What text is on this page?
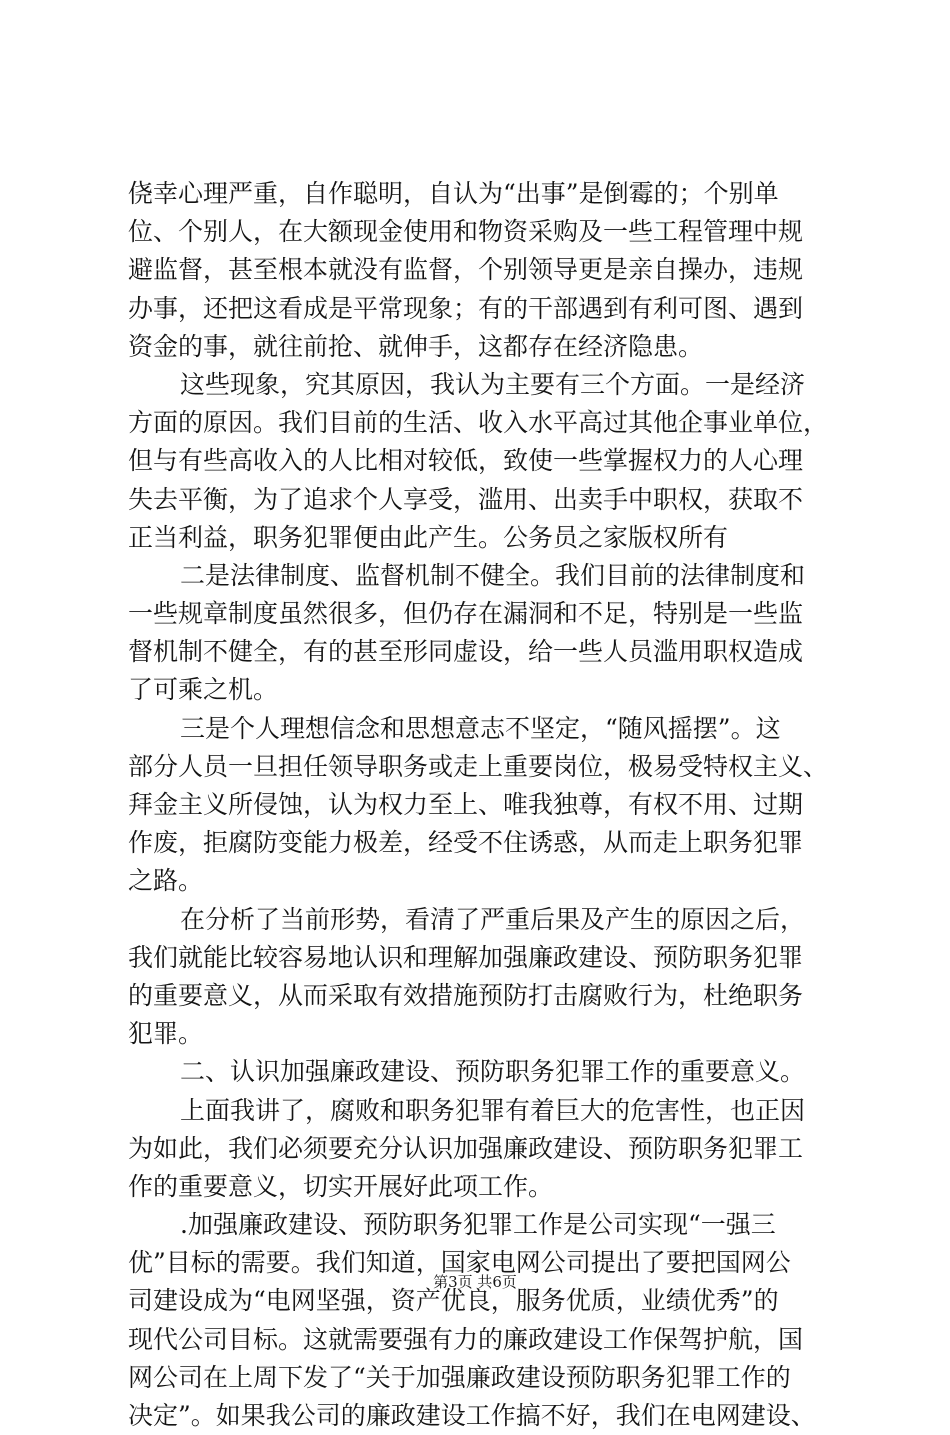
侥幸心理严重，自作聪明，自认为“出事”是倒霉的；个别单
位、个别人，在大额现金使用和物资采购及一些工程管理中规
避监督，甚至根本就没有监督，个别领导更是亲自操办，违规
办事，还把这看成是平常现象；有的干部遇到有利可图、遇到
资金的事，就往前抢、就伸手，这都存在经济隐患。
这些现象，究其原因，我认为主要有三个方面。一是经济
方面的原因。我们目前的生活、收入水平高过其他企事业单位，
但与有些高收入的人比相对较低，致使一些掌握权力的人心理
失去平衡，为了追求个人享受，滥用、出卖手中职权，获取不
正当利益，职务犯罪便由此产生。公务员之家版权所有
二是法律制度、监督机制不健全。我们目前的法律制度和
一些规章制度虽然很多，但仍存在漏洞和不足，特别是一些监
督机制不健全，有的甚至形同虚设，给一些人员滥用职权造成
了可乘之机。
三是个人理想信念和思想意志不坚定，“随风摇摆”。这
部分人员一旦担任领导职务或走上重要岗位，极易受特权主义、
拜金主义所侵蚀，认为权力至上、唯我独尊，有权不用、过期
作废，拒腐防变能力极差，经受不住诱惑，从而走上职务犯罪
之路。
在分析了当前形势，看清了严重后果及产生的原因之后，
我们就能比较容易地认识和理解加强廉政建设、预防职务犯罪
的重要意义，从而采取有效措施预防打击腐败行为，杜绝职务
犯罪。
二、认识加强廉政建设、预防职务犯罪工作的重要意义。
上面我讲了，腐败和职务犯罪有着巨大的危害性，也正因
为如此，我们必须要充分认识加强廉政建设、预防职务犯罪工
作的重要意义，切实开展好此项工作。
.加强廉政建设、预防职务犯罪工作是公司实现“一强三
优”目标的需要。我们知道，国家电网公司提出了要把国网公
司建设成为“电网坚强，资产优良，服务优质，业绩优秀”的
现代公司目标。这就需要强有力的廉政建设工作保驾护航，国
网公司在上周下发了“关于加强廉政建设预防职务犯罪工作的
决定”。如果我公司的廉政建设工作搞不好，我们在电网建设、
第3页 共6页
